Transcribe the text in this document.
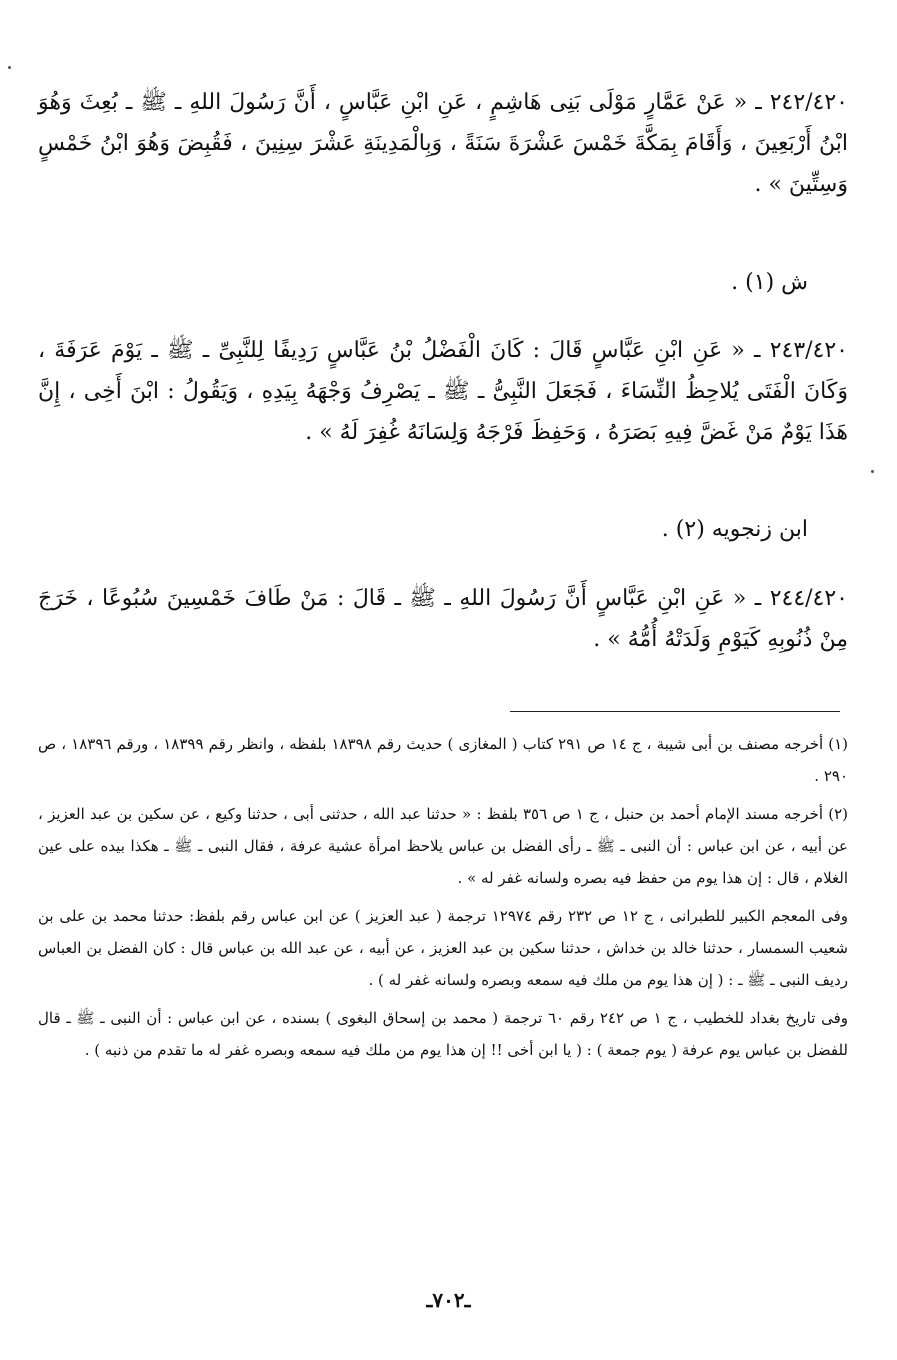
٢٤٢/٤٢٠ ـ « عَنْ عَمَّارٍ مَوْلَى بَنِى هَاشِمٍ ، عَنِ ابْنِ عَبَّاسٍ ، أَنَّ رَسُولَ اللهِ ـ ﷺ ـ بُعِثَ وَهُوَ ابْنُ أَرْبَعِينَ ، وَأَقَامَ بِمَكَّةَ خَمْسَ عَشْرَةَ سَنَةً ، وَبِالْمَدِينَةِ عَشْرَ سِنِينَ ، فَقُبِضَ وَهُوَ ابْنُ خَمْسٍ وَسِتِّينَ » .

ش (١) .

٢٤٣/٤٢٠ ـ « عَنِ ابْنِ عَبَّاسٍ قَالَ : كَانَ الْفَضْلُ بْنُ عَبَّاسٍ رَدِيفًا لِلنَّبِىِّ ـ ﷺ ـ يَوْمَ عَرَفَةَ ، وَكَانَ الْفَتَى يُلاحِظُ النِّسَاءَ ، فَجَعَلَ النَّبِىُّ ـ ﷺ ـ يَصْرِفُ وَجْهَهُ بِيَدِهِ ، وَيَقُولُ : ابْنَ أَخِى ، إِنَّ هَذَا يَوْمٌ مَنْ غَضَّ فِيهِ بَصَرَهُ ، وَحَفِظَ فَرْجَهُ وَلِسَانَهُ غُفِرَ لَهُ » .

ابن زنجويه (٢) .

٢٤٤/٤٢٠ ـ « عَنِ ابْنِ عَبَّاسٍ أَنَّ رَسُولَ اللهِ ـ ﷺ ـ قَالَ : مَنْ طَافَ خَمْسِينَ سُبُوعًا ، خَرَجَ مِنْ ذُنُوبِهِ كَيَوْمِ وَلَدَتْهُ أُمُّهُ » .

(١) أخرجه مصنف بن أبى شيبة ، ج ١٤ ص ٢٩١ كتاب ( المغازى ) حديث رقم ١٨٣٩٨ بلفظه ، وانظر رقم ١٨٣٩٩ ، ورقم ١٨٣٩٦ ، ص ٢٩٠ .

(٢) أخرجه مسند الإمام أحمد بن حنبل ، ج ١ ص ٣٥٦ بلفظ : « حدثنا عبد الله ، حدثنى أبى ، حدثنا وكيع ، عن سكين بن عبد العزيز ، عن أبيه ، عن ابن عباس : أن النبى ـ ﷺ ـ رأى الفضل بن عباس يلاحظ امرأة عشية عرفة ، فقال النبى ـ ﷺ ـ هكذا بيده على عين الغلام ، قال : إن هذا يوم من حفظ فيه بصره ولسانه غفر له » .

وفى المعجم الكبير للطبرانى ، ج ١٢ ص ٢٣٢ رقم ١٢٩٧٤ ترجمة ( عبد العزيز ) عن ابن عباس رقم بلفظ: حدثنا محمد بن على بن شعيب السمسار ، حدثنا خالد بن خداش ، حدثنا سكين بن عبد العزيز ، عن أبيه ، عن عبد الله بن عباس قال : كان الفضل بن العباس رديف النبى ـ ﷺ ـ : ( إن هذا يوم من ملك فيه سمعه وبصره ولسانه غفر له ) .

وفى تاريخ بغداد للخطيب ، ج ١ ص ٢٤٢ رقم ٦٠ ترجمة ( محمد بن إسحاق البغوى ) بسنده ، عن ابن عباس : أن النبى ـ ﷺ ـ قال للفضل بن عباس يوم عرفة ( يوم جمعة ) : ( يا ابن أخى !! إن هذا يوم من ملك فيه سمعه وبصره غفر له ما تقدم من ذنبه ) .

ـ٧٠٢ـ
